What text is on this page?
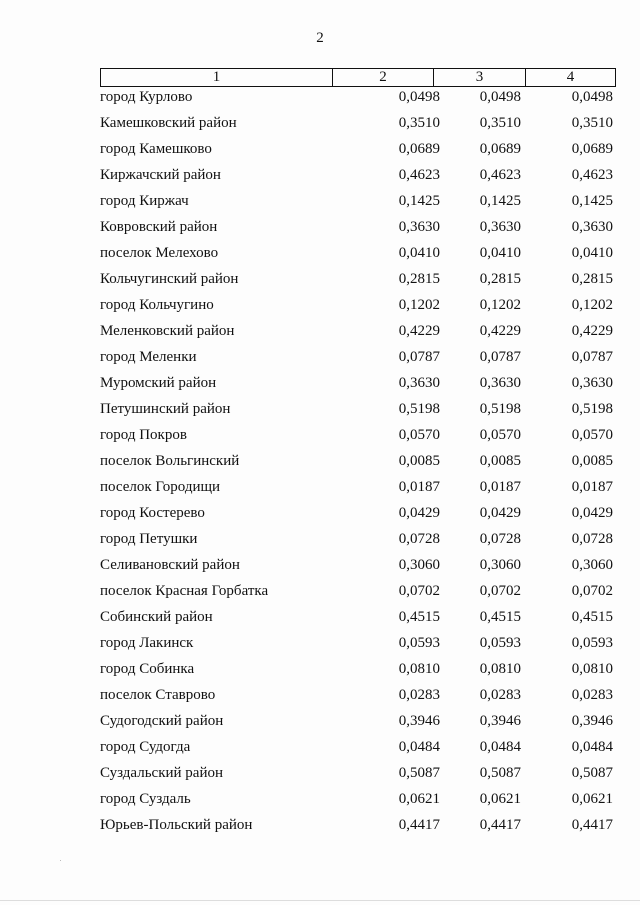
2
1	2	3	4
город Курлово	0,0498	0,0498	0,0498
Камешковский район	0,3510	0,3510	0,3510
город Камешково	0,0689	0,0689	0,0689
Киржачский район	0,4623	0,4623	0,4623
город Киржач	0,1425	0,1425	0,1425
Ковровский район	0,3630	0,3630	0,3630
поселок Мелехово	0,0410	0,0410	0,0410
Кольчугинский район	0,2815	0,2815	0,2815
город Кольчугино	0,1202	0,1202	0,1202
Меленковский район	0,4229	0,4229	0,4229
город Меленки	0,0787	0,0787	0,0787
Муромский район	0,3630	0,3630	0,3630
Петушинский район	0,5198	0,5198	0,5198
город Покров	0,0570	0,0570	0,0570
поселок Вольгинский	0,0085	0,0085	0,0085
поселок Городищи	0,0187	0,0187	0,0187
город Костерево	0,0429	0,0429	0,0429
город Петушки	0,0728	0,0728	0,0728
Селивановский район	0,3060	0,3060	0,3060
поселок Красная Горбатка	0,0702	0,0702	0,0702
Собинский район	0,4515	0,4515	0,4515
город Лакинск	0,0593	0,0593	0,0593
город Собинка	0,0810	0,0810	0,0810
поселок Ставрово	0,0283	0,0283	0,0283
Судогодский район	0,3946	0,3946	0,3946
город Судогда	0,0484	0,0484	0,0484
Суздальский район	0,5087	0,5087	0,5087
город Суздаль	0,0621	0,0621	0,0621
Юрьев-Польский район	0,4417	0,4417	0,4417
